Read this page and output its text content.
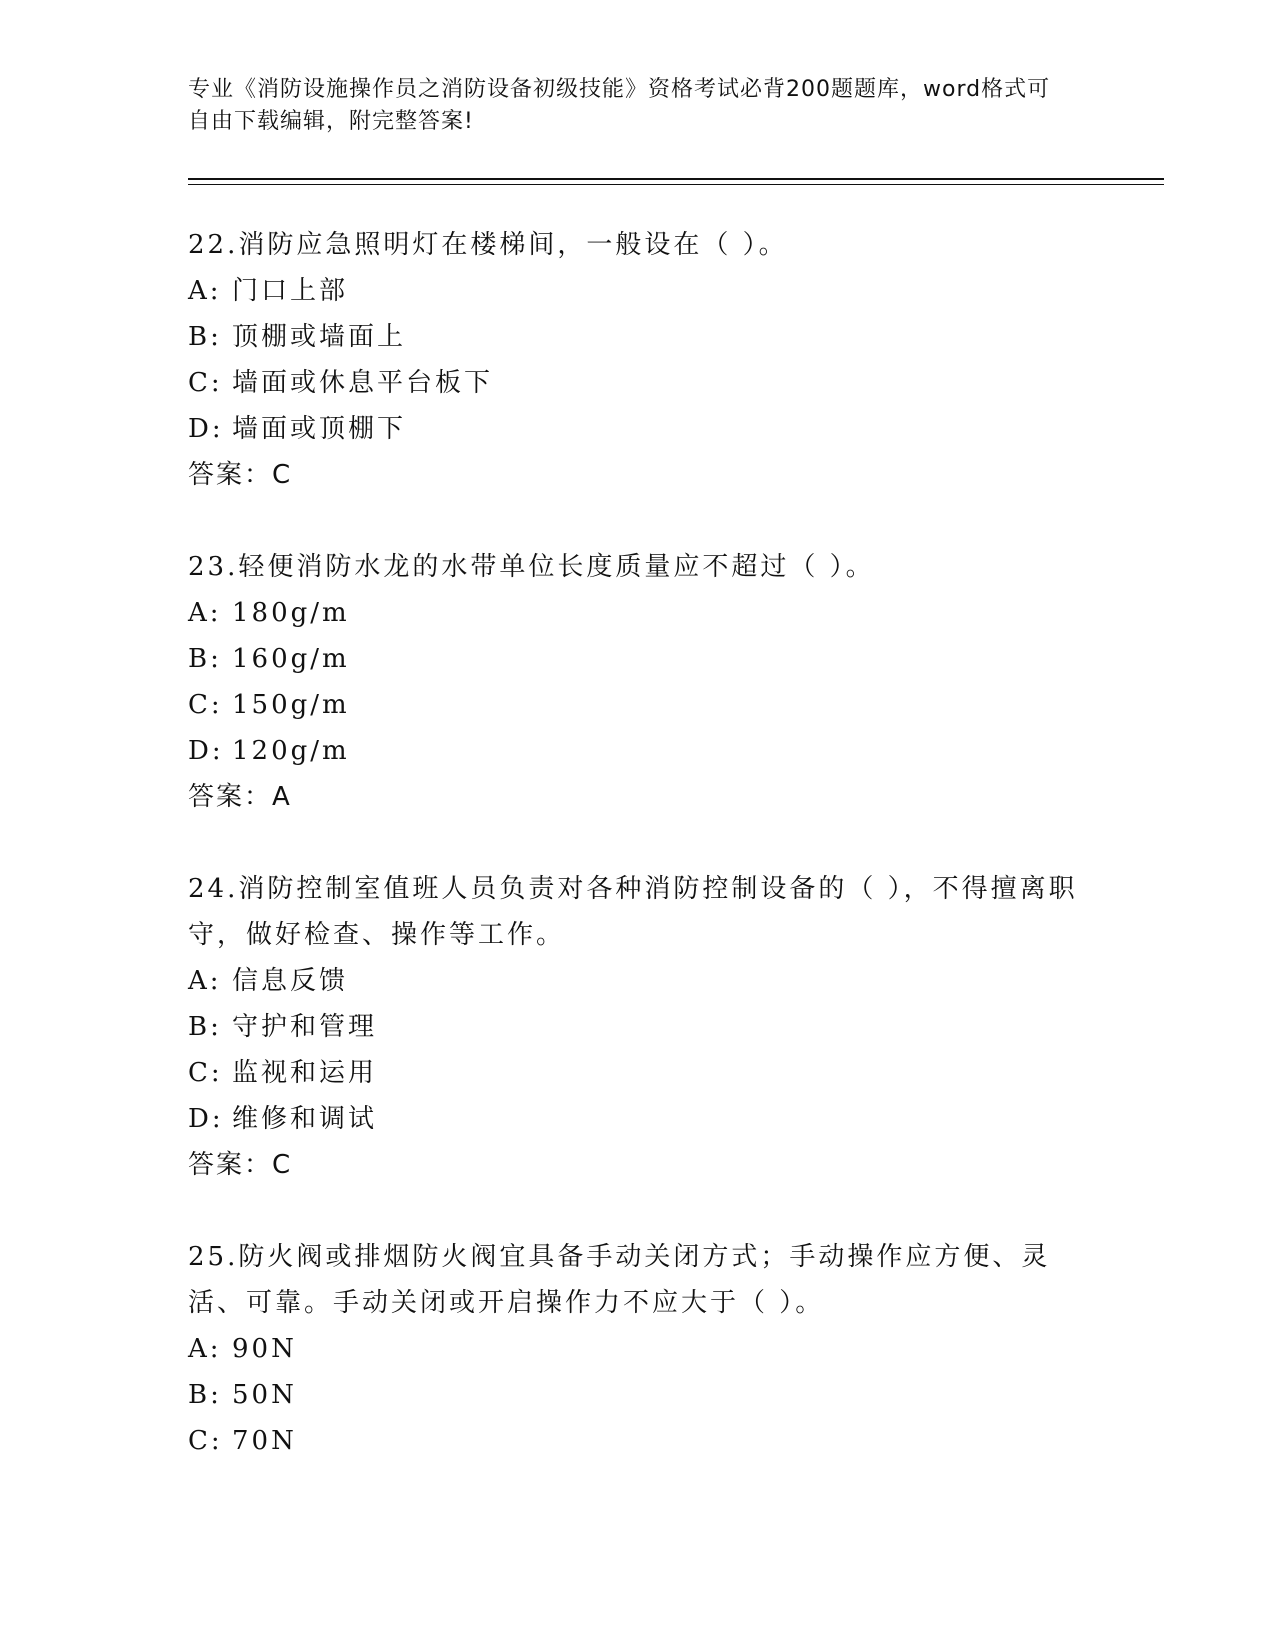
专业《消防设施操作员之消防设备初级技能》资格考试必背200题题库，word格式可自由下载编辑，附完整答案!
22.消防应急照明灯在楼梯间，一般设在（ ）。
A: 门口上部
B: 顶棚或墙面上
C: 墙面或休息平台板下
D: 墙面或顶棚下
答案：C
23.轻便消防水龙的水带单位长度质量应不超过（ ）。
A: 180g/m
B: 160g/m
C: 150g/m
D: 120g/m
答案：A
24.消防控制室值班人员负责对各种消防控制设备的（ ），不得擅离职守，做好检查、操作等工作。
A: 信息反馈
B: 守护和管理
C: 监视和运用
D: 维修和调试
答案：C
25.防火阀或排烟防火阀宜具备手动关闭方式；手动操作应方便、灵活、可靠。手动关闭或开启操作力不应大于（ ）。
A: 90N
B: 50N
C: 70N
